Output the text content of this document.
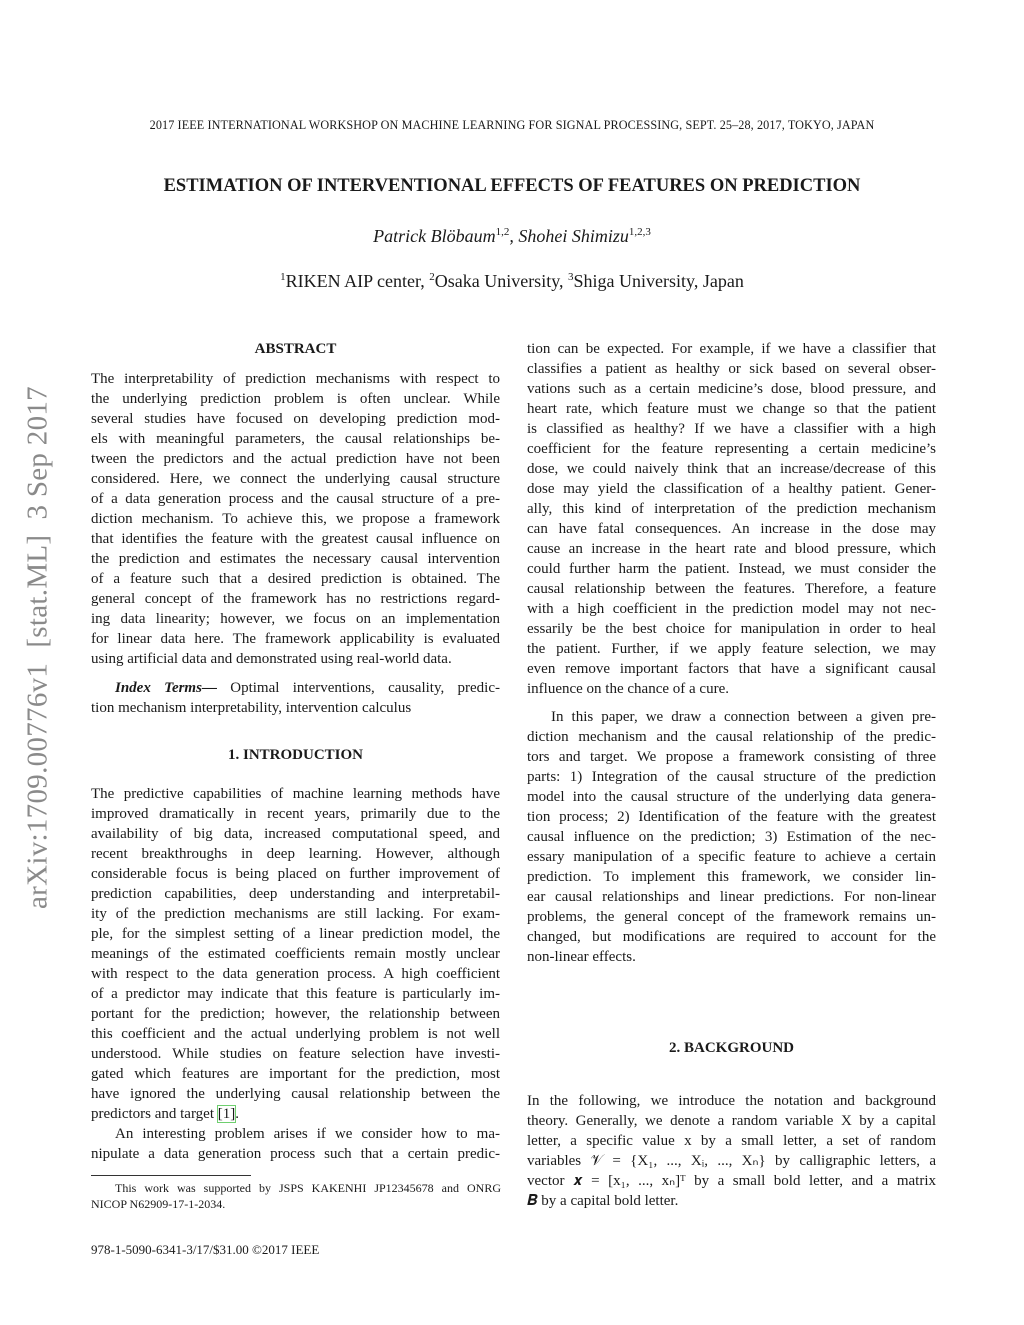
2017 IEEE INTERNATIONAL WORKSHOP ON MACHINE LEARNING FOR SIGNAL PROCESSING, SEPT. 25–28, 2017, TOKYO, JAPAN
ESTIMATION OF INTERVENTIONAL EFFECTS OF FEATURES ON PREDICTION
Patrick Blöbaum$^{1,2}$, Shohei Shimizu$^{1,2,3}$
$^1$RIKEN AIP center, $^2$Osaka University, $^3$Shiga University, Japan
arXiv:1709.00776v1  [stat.ML]  3 Sep 2017
ABSTRACT
The interpretability of prediction mechanisms with respect to
the underlying prediction problem is often unclear. While
several studies have focused on developing prediction mod-
els with meaningful parameters, the causal relationships be-
tween the predictors and the actual prediction have not been
considered. Here, we connect the underlying causal structure
of a data generation process and the causal structure of a pre-
diction mechanism. To achieve this, we propose a framework
that identifies the feature with the greatest causal influence on
the prediction and estimates the necessary causal intervention
of a feature such that a desired prediction is obtained. The
general concept of the framework has no restrictions regard-
ing data linearity; however, we focus on an implementation
for linear data here. The framework applicability is evaluated
using artificial data and demonstrated using real-world data.
Index Terms— Optimal interventions, causality, predic-
tion mechanism interpretability, intervention calculus
1. INTRODUCTION
The predictive capabilities of machine learning methods have
improved dramatically in recent years, primarily due to the
availability of big data, increased computational speed, and
recent breakthroughs in deep learning. However, although
considerable focus is being placed on further improvement of
prediction capabilities, deep understanding and interpretabil-
ity of the prediction mechanisms are still lacking. For exam-
ple, for the simplest setting of a linear prediction model, the
meanings of the estimated coefficients remain mostly unclear
with respect to the data generation process. A high coefficient
of a predictor may indicate that this feature is particularly im-
portant for the prediction; however, the relationship between
this coefficient and the actual underlying problem is not well
understood. While studies on feature selection have investi-
gated which features are important for the prediction, most
have ignored the underlying causal relationship between the
predictors and target [1].
An interesting problem arises if we consider how to ma-
nipulate a data generation process such that a certain predic-
This work was supported by JSPS KAKENHI JP12345678 and ONRG
NICOP N62909-17-1-2034.
978-1-5090-6341-3/17/$31.00 ©2017 IEEE
tion can be expected. For example, if we have a classifier that
classifies a patient as healthy or sick based on several obser-
vations such as a certain medicine’s dose, blood pressure, and
heart rate, which feature must we change so that the patient
is classified as healthy? If we have a classifier with a high
coefficient for the feature representing a certain medicine’s
dose, we could naively think that an increase/decrease of this
dose may yield the classification of a healthy patient. Gener-
ally, this kind of interpretation of the prediction mechanism
can have fatal consequences. An increase in the dose may
cause an increase in the heart rate and blood pressure, which
could further harm the patient. Instead, we must consider the
causal relationship between the features. Therefore, a feature
with a high coefficient in the prediction model may not nec-
essarily be the best choice for manipulation in order to heal
the patient. Further, if we apply feature selection, we may
even remove important factors that have a significant causal
influence on the chance of a cure.
In this paper, we draw a connection between a given pre-
diction mechanism and the causal relationship of the predic-
tors and target. We propose a framework consisting of three
parts: 1) Integration of the causal structure of the prediction
model into the causal structure of the underlying data genera-
tion process; 2) Identification of the feature with the greatest
causal influence on the prediction; 3) Estimation of the nec-
essary manipulation of a specific feature to achieve a certain
prediction. To implement this framework, we consider lin-
ear causal relationships and linear predictions. For non-linear
problems, the general concept of the framework remains un-
changed, but modifications are required to account for the
non-linear effects.
2. BACKGROUND
In the following, we introduce the notation and background
theory. Generally, we denote a random variable X by a capital
letter, a specific value x by a small letter, a set of random
variables 𝒱 = {X₁, ..., Xᵢ, ..., Xₙ} by calligraphic letters, a
vector 𝒙 = [x₁, ..., xₙ]ᵀ by a small bold letter, and a matrix
𝑩 by a capital bold letter.
